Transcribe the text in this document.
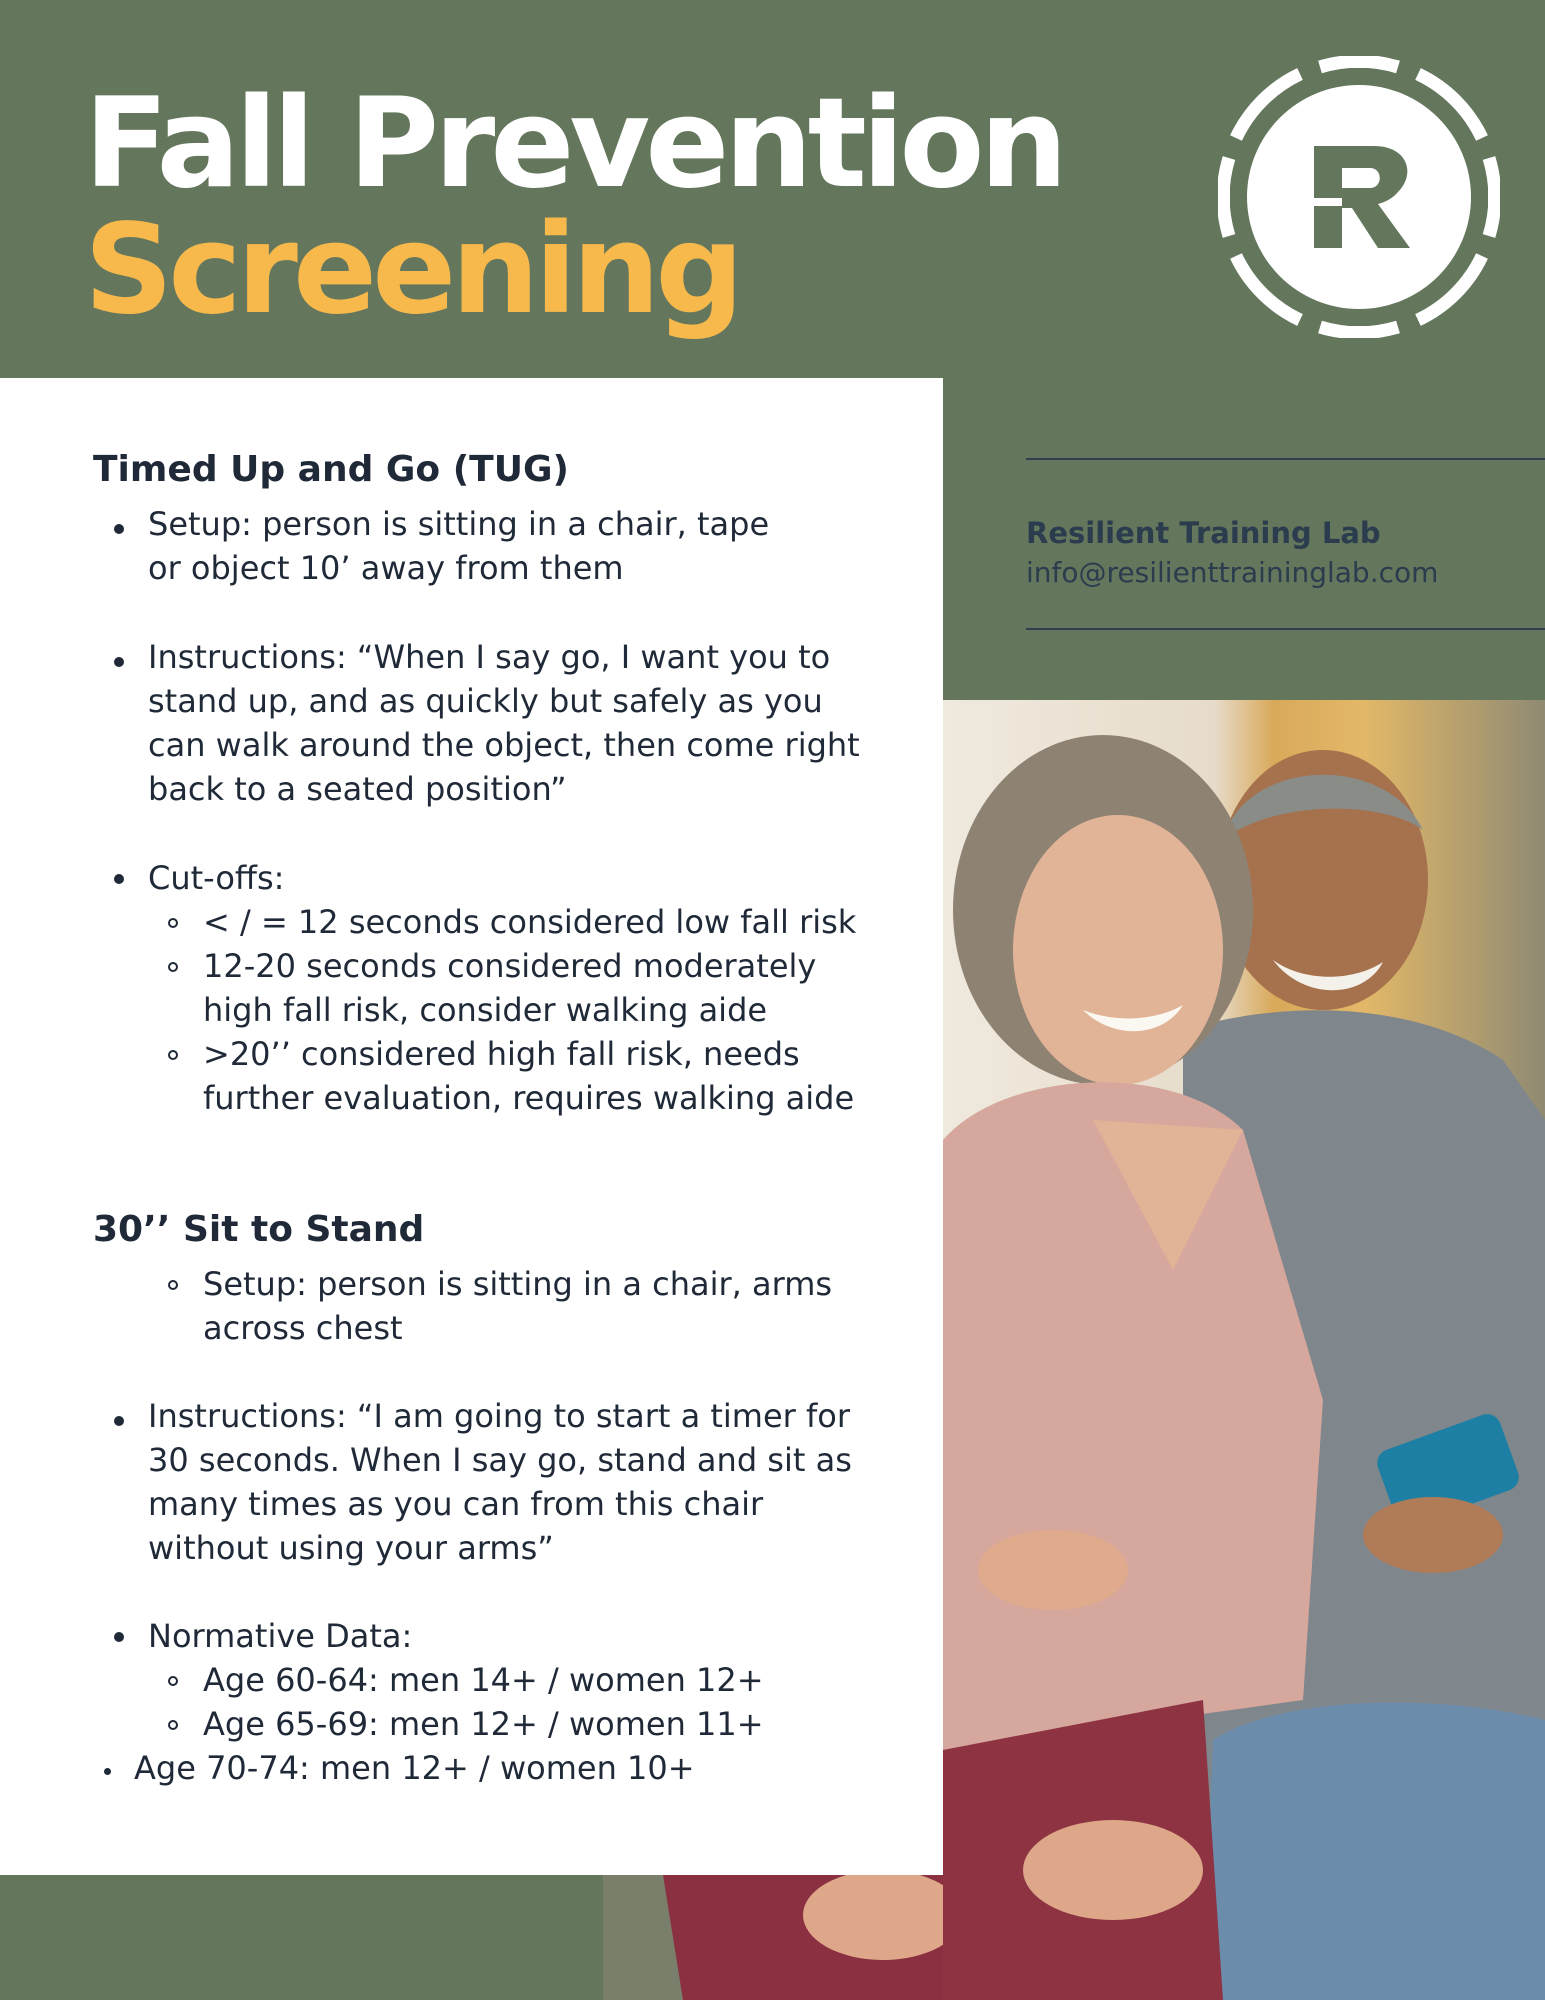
Fall Prevention
Screening

Resilient Training Lab

info@resilienttraininglab.com

Timed Up and Go (TUG)
Setup: person is sitting in a chair, tape or object 10’ away from them
Instructions: “When I say go, I want you to stand up, and as quickly but safely as you can walk around the object, then come right back to a seated position”
Cut-offs:
< / = 12 seconds considered low fall risk
12-20 seconds considered moderately high fall risk, consider walking aide
>20’’ considered high fall risk, needs further evaluation, requires walking aide
30’’ Sit to Stand
Setup: person is sitting in a chair, arms across chest
Instructions: “I am going to start a timer for 30 seconds. When I say go, stand and sit as many times as you can from this chair without using your arms”
Normative Data:
Age 60-64: men 14+ / women 12+
Age 65-69: men 12+ / women 11+
Age 70-74: men 12+ / women 10+
